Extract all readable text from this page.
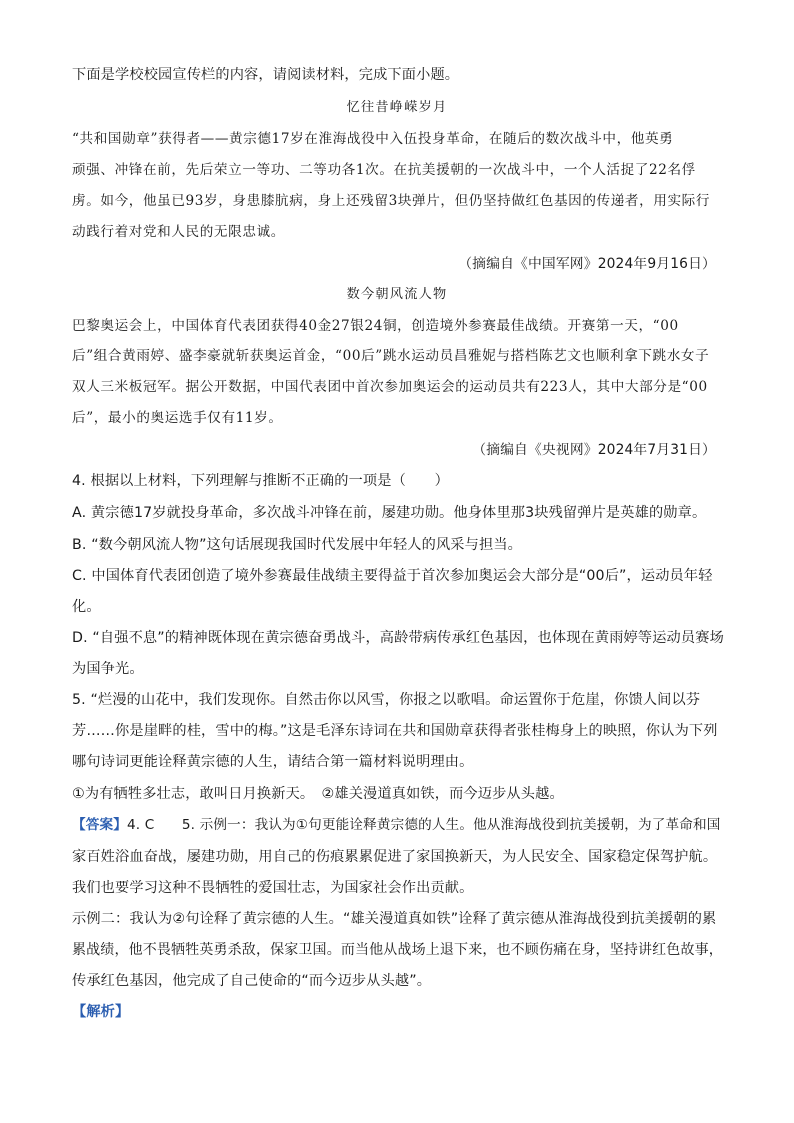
下面是学校校园宣传栏的内容，请阅读材料，完成下面小题。
忆往昔峥嵘岁月
“共和国勋章”获得者——黄宗德17岁在淮海战役中入伍投身革命，在随后的数次战斗中，他英勇
顽强、冲锋在前，先后荣立一等功、二等功各1次。在抗美援朝的一次战斗中，一个人活捉了22名俘
虏。如今，他虽已93岁，身患膝肮病，身上还残留3块弹片，但仍坚持做红色基因的传递者，用实际行
动践行着对党和人民的无限忠诚。
（摘编自《中国军网》2024年9月16日）
数今朝风流人物
巴黎奥运会上，中国体育代表团获得40金27银24铜，创造境外参赛最佳战绩。开赛第一天，“00
后”组合黄雨婷、盛李豪就斩获奥运首金，“00后”跳水运动员昌雅妮与搭档陈艺文也顺利拿下跳水女子
双人三米板冠军。据公开数据，中国代表团中首次参加奥运会的运动员共有223人，其中大部分是“00
后”，最小的奥运选手仅有11岁。
（摘编自《央视网》2024年7月31日）
4. 根据以上材料，下列理解与推断不正确的一项是（　　）
A. 黄宗德17岁就投身革命，多次战斗冲锋在前，屡建功勋。他身体里那3块残留弹片是英雄的勋章。
B. “数今朝风流人物”这句话展现我国时代发展中年轻人的风采与担当。
C. 中国体育代表团创造了境外参赛最佳战绩主要得益于首次参加奥运会大部分是“00后”，运动员年轻
化。
D. “自强不息”的精神既体现在黄宗德奋勇战斗，高龄带病传承红色基因，也体现在黄雨婷等运动员赛场
为国争光。
5. “烂漫的山花中，我们发现你。自然击你以风雪，你报之以歌唱。命运置你于危崖，你馈人间以芬
芳……你是崖畔的桂，雪中的梅。”这是毛泽东诗词在共和国勋章获得者张桂梅身上的映照，你认为下列
哪句诗词更能诠释黄宗德的人生，请结合第一篇材料说明理由。
①为有牺牲多壮志，敢叫日月换新天。　②雄关漫道真如铁，而今迈步从头越。
【答案】4. C　　5. 示例一：我认为①句更能诠释黄宗德的人生。他从淮海战役到抗美援朝，为了革命和国
家百姓浴血奋战，屡建功勋，用自己的伤痕累累促进了家国换新天，为人民安全、国家稳定保驾护航。
我们也要学习这种不畏牺牲的爱国壮志，为国家社会作出贡献。
示例二：我认为②句诠释了黄宗德的人生。“雄关漫道真如铁”诠释了黄宗德从淮海战役到抗美援朝的累
累战绩，他不畏牺牲英勇杀敌，保家卫国。而当他从战场上退下来，也不顾伤痛在身，坚持讲红色故事，
传承红色基因，他完成了自己使命的“而今迈步从头越”。
【解析】
